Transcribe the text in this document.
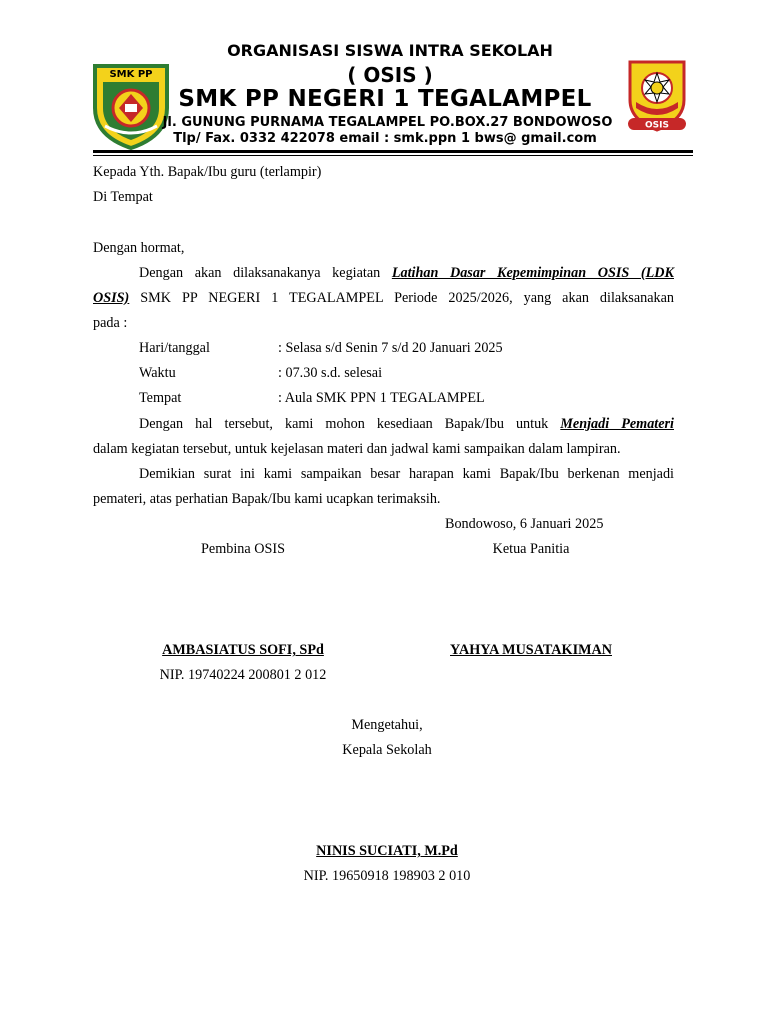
SMK PP
OSIS
ORGANISASI SISWA INTRA SEKOLAH
( OSIS )
SMK PP NEGERI 1 TEGALAMPEL
Jl. GUNUNG PURNAMA TEGALAMPEL PO.BOX.27 BONDOWOSO
Tlp/ Fax. 0332 422078 email : smk.ppn 1 bws@ gmail.com
Kepada Yth. Bapak/Ibu guru (terlampir)
Di Tempat
Dengan hormat,
Dengan akan dilaksanakanya kegiatan Latihan Dasar Kepemimpinan OSIS (LDK
OSIS) SMK PP NEGERI 1 TEGALAMPEL Periode 2025/2026, yang akan dilaksanakan
pada :
Hari/tanggal	: Selasa s/d Senin 7 s/d 20 Januari 2025
Waktu	: 07.30 s.d. selesai
Tempat	: Aula SMK PPN 1 TEGALAMPEL
Dengan hal tersebut, kami mohon kesediaan Bapak/Ibu untuk Menjadi Pemateri
dalam kegiatan tersebut, untuk kejelasan materi dan jadwal kami sampaikan dalam lampiran.
Demikian surat ini kami sampaikan besar harapan kami Bapak/Ibu berkenan menjadi
pemateri, atas perhatian Bapak/Ibu kami ucapkan terimaksih.
Bondowoso, 6 Januari 2025
Pembina OSIS	Ketua Panitia
AMBASIATUS SOFI, SPd	YAHYA MUSATAKIMAN
NIP. 19740224 200801 2 012
Mengetahui,
Kepala Sekolah
NINIS SUCIATI, M.Pd
NIP. 19650918 198903 2 010
